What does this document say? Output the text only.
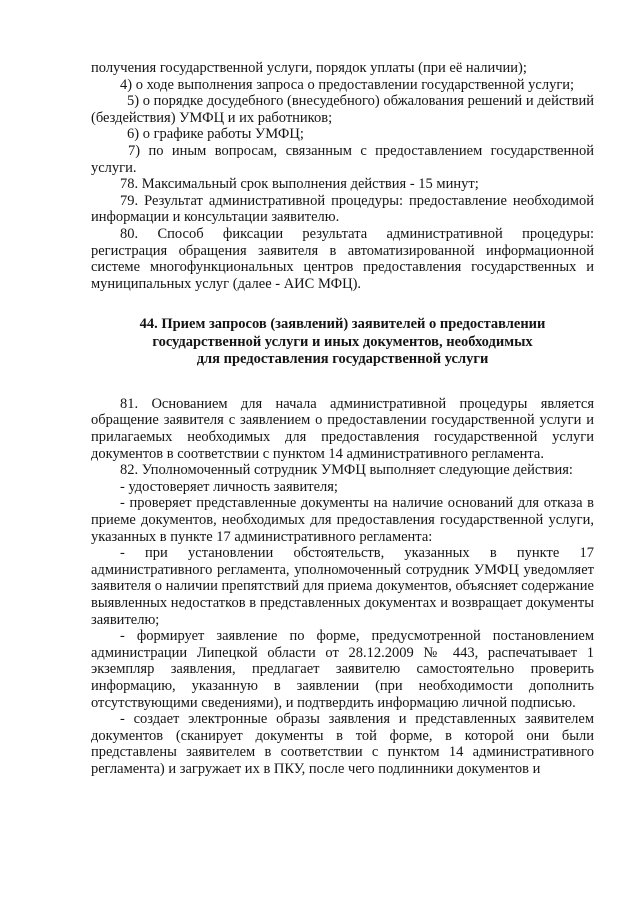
получения государственной услуги, порядок уплаты (при её наличии);

4) о ходе выполнения запроса о предоставлении государственной услуги;

5) о порядке досудебного (внесудебного) обжалования решений и действий (бездействия) УМФЦ и их работников;

6) о графике работы УМФЦ;

7) по иным вопросам, связанным с предоставлением государственной услуги.

78. Максимальный срок выполнения действия - 15 минут;

79. Результат административной процедуры: предоставление необходимой информации и консультации заявителю.

80. Способ фиксации результата административной процедуры: регистрация обращения заявителя в автоматизированной информационной системе многофункциональных центров предоставления государственных и муниципальных услуг (далее - АИС МФЦ).

44. Прием запросов (заявлений) заявителей о предоставлении
государственной услуги и иных документов, необходимых
для предоставления государственной услуги

81. Основанием для начала административной процедуры является обращение заявителя с заявлением о предоставлении государственной услуги и прилагаемых необходимых для предоставления государственной услуги документов в соответствии с пунктом 14 административного регламента.

82. Уполномоченный сотрудник УМФЦ выполняет следующие действия:

- удостоверяет личность заявителя;

- проверяет представленные документы на наличие оснований для отказа в приеме документов, необходимых для предоставления государственной услуги, указанных в пункте 17 административного регламента:

- при установлении обстоятельств, указанных в пункте 17 административного регламента, уполномоченный сотрудник УМФЦ уведомляет заявителя о наличии препятствий для приема документов, объясняет содержание выявленных недостатков в представленных документах и возвращает документы заявителю;

- формирует заявление по форме, предусмотренной постановлением администрации Липецкой области от 28.12.2009 № 443, распечатывает 1 экземпляр заявления, предлагает заявителю самостоятельно проверить информацию, указанную в заявлении (при необходимости дополнить отсутствующими сведениями), и подтвердить информацию личной подписью.

- создает электронные образы заявления и представленных заявителем документов (сканирует документы в той форме, в которой они были представлены заявителем в соответствии с пунктом 14 административного регламента) и загружает их в ПКУ, после чего подлинники документов и
